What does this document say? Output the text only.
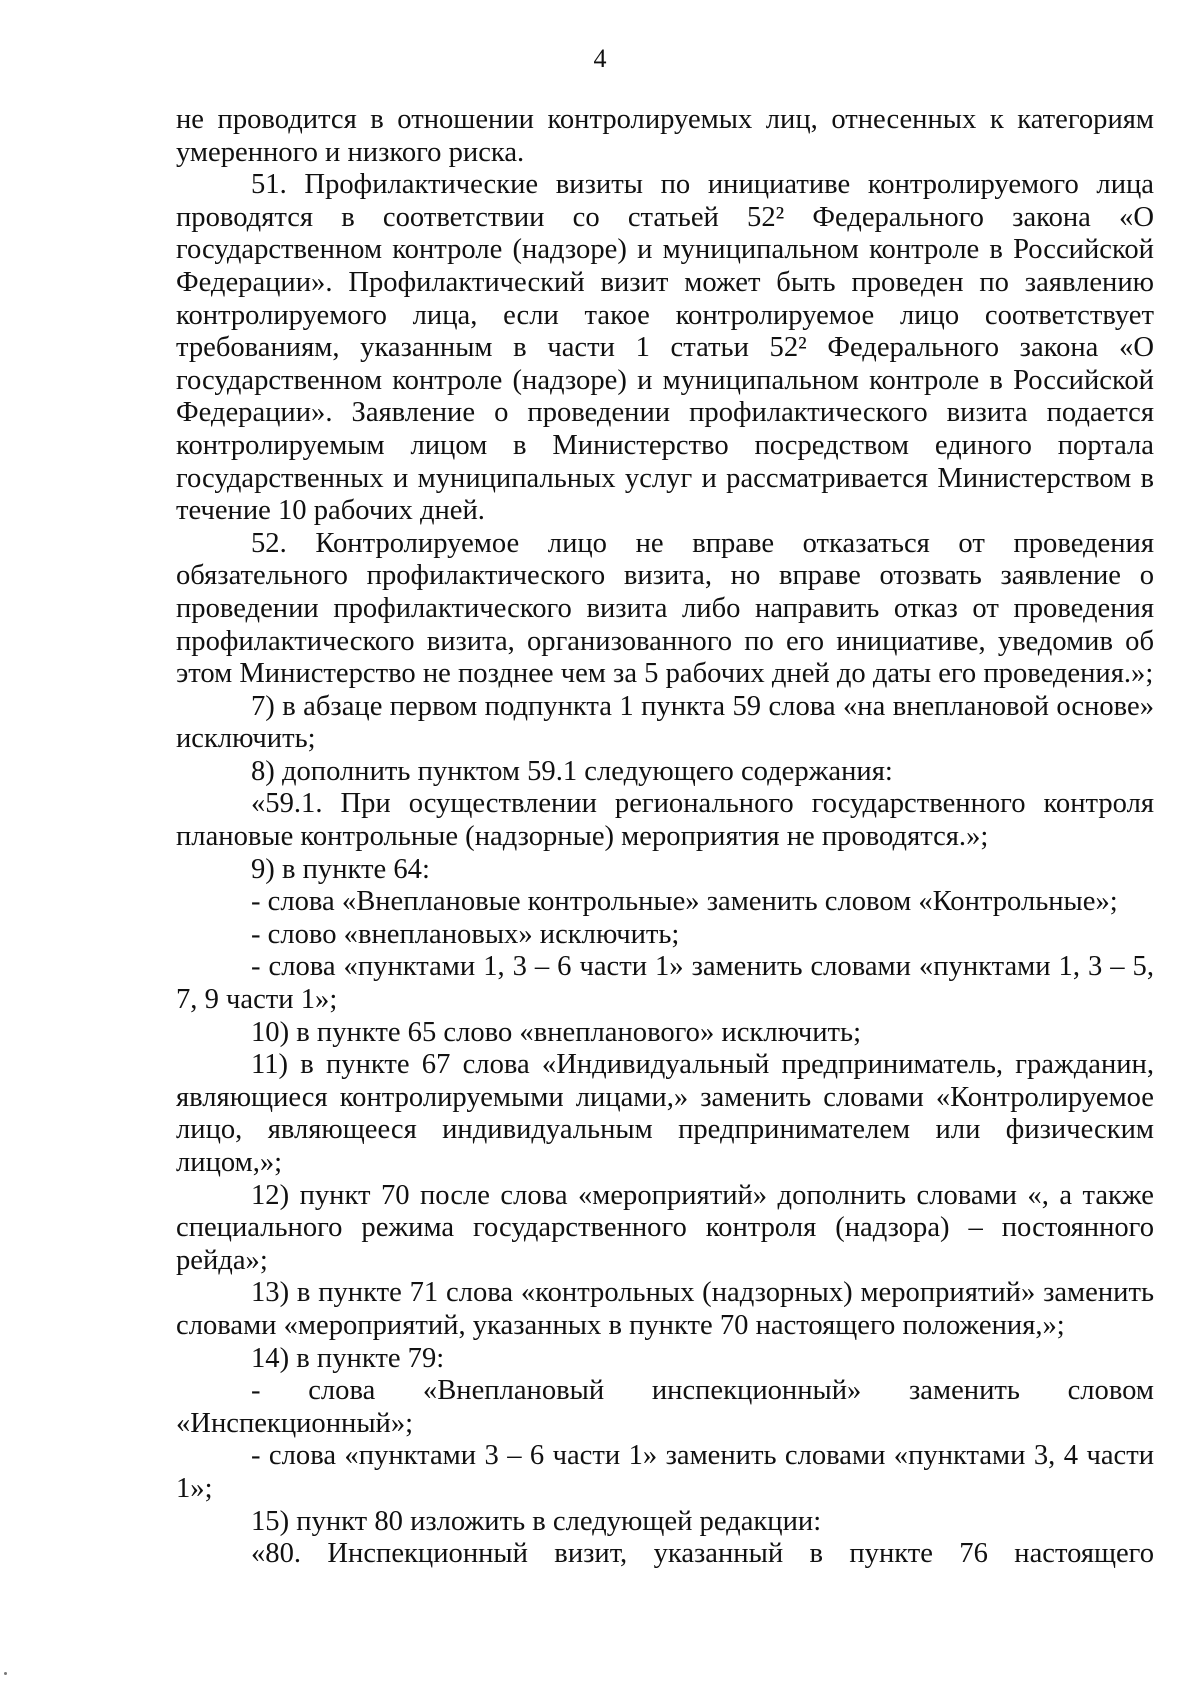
4

не проводится в отношении контролируемых лиц, отнесенных к категориям умеренного и низкого риска.

51. Профилактические визиты по инициативе контролируемого лица проводятся в соответствии со статьей 52² Федерального закона «О государственном контроле (надзоре) и муниципальном контроле в Российской Федерации». Профилактический визит может быть проведен по заявлению контролируемого лица, если такое контролируемое лицо соответствует требованиям, указанным в части 1 статьи 52² Федерального закона «О государственном контроле (надзоре) и муниципальном контроле в Российской Федерации». Заявление о проведении профилактического визита подается контролируемым лицом в Министерство посредством единого портала государственных и муниципальных услуг и рассматривается Министерством в течение 10 рабочих дней.

52. Контролируемое лицо не вправе отказаться от проведения обязательного профилактического визита, но вправе отозвать заявление о проведении профилактического визита либо направить отказ от проведения профилактического визита, организованного по его инициативе, уведомив об этом Министерство не позднее чем за 5 рабочих дней до даты его проведения.»;

7) в абзаце первом подпункта 1 пункта 59 слова «на внеплановой основе» исключить;

8) дополнить пунктом 59.1 следующего содержания:

«59.1. При осуществлении регионального государственного контроля плановые контрольные (надзорные) мероприятия не проводятся.»;

9) в пункте 64:

- слова «Внеплановые контрольные» заменить словом «Контрольные»;

- слово «внеплановых» исключить;

- слова «пунктами 1, 3 – 6 части 1» заменить словами «пунктами 1, 3 – 5, 7, 9 части 1»;

10) в пункте 65 слово «внепланового» исключить;

11) в пункте 67 слова «Индивидуальный предприниматель, гражданин, являющиеся контролируемыми лицами,» заменить словами «Контролируемое лицо, являющееся индивидуальным предпринимателем или физическим лицом,»;

12) пункт 70 после слова «мероприятий» дополнить словами «, а также специального режима государственного контроля (надзора) – постоянного рейда»;

13) в пункте 71 слова «контрольных (надзорных) мероприятий» заменить словами «мероприятий, указанных в пункте 70 настоящего положения,»;

14) в пункте 79:

- слова «Внеплановый инспекционный» заменить словом «Инспекционный»;

- слова «пунктами 3 – 6 части 1» заменить словами «пунктами 3, 4 части 1»;

15) пункт 80 изложить в следующей редакции:

«80. Инспекционный визит, указанный в пункте 76 настоящего
